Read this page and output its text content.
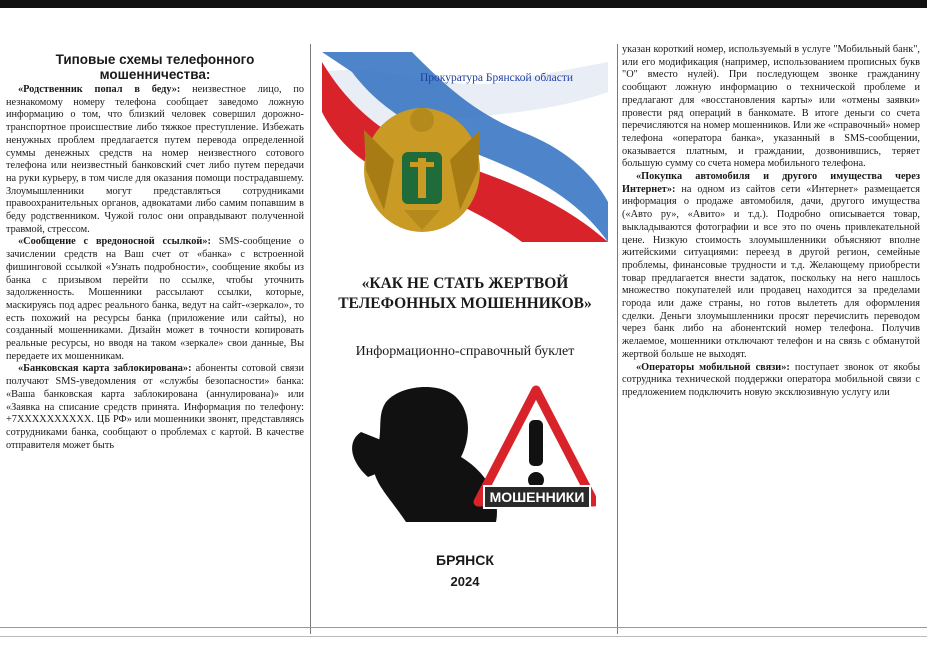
Типовые схемы телефонного мошенничества:

«Родственник попал в беду»: неизвестное лицо, по незнакомому номеру телефона сообщает заведомо ложную информацию о том, что близкий человек совершил дорожно-транспортное происшествие либо тяжкое преступление. Избежать ненужных проблем предлагается путем перевода определенной суммы денежных средств на номер неизвестного сотового телефона или неизвестный банковский счет либо путем передачи на руки курьеру, в том числе для оказания помощи пострадавшему. Злоумышленники могут представляться сотрудниками правоохранительных органов, адвокатами либо самим попавшим в беду родственником. Чужой голос они оправдывают полученной травмой, стрессом.

«Сообщение с вредоносной ссылкой»: SMS-сообщение о зачислении средств на Ваш счет от «банка» с встроенной фишинговой ссылкой «Узнать подробности», сообщение якобы из банка с призывом перейти по ссылке, чтобы уточнить задолженность. Мошенники рассылают ссылки, которые, маскируясь под адрес реального банка, ведут на сайт-«зеркало», то есть похожий на ресурсы банка (приложение или сайты), но созданный мошенниками. Дизайн может в точности копировать реальные ресурсы, но вводя на таком «зеркале» свои данные, Вы передаете их мошенникам.

«Банковская карта заблокирована»: абоненты сотовой связи получают SMS-уведомления от «службы безопасности» банка: «Ваша банковская карта заблокирована (аннулирована)» или «Заявка на списание средств принята. Информация по телефону: +7XXXXXXXXXX. ЦБ РФ» или мошенники звонят, представляясь сотрудниками банка, сообщают о проблемах с картой. В качестве отправителя может быть

Прокуратура Брянской области
«КАК НЕ СТАТЬ ЖЕРТВОЙ
ТЕЛЕФОННЫХ МОШЕННИКОВ»
Информационно-справочный буклет
МОШЕННИКИ
БРЯНСК
2024

указан короткий номер, используемый в услуге "Мобильный банк", или его модификация (например, использованием прописных букв "О" вместо нулей). При последующем звонке гражданину сообщают ложную информацию о технической проблеме и предлагают для «восстановления карты» или «отмены заявки» провести ряд операций в банкомате. В итоге деньги со счета перечисляются на номер мошенников. Или же «справочный» номер телефона «оператора банка», указанный в SMS-сообщении, оказывается платным, и граждании, дозвонившись, теряет большую сумму со счета номера мобильного телефона.

«Покупка автомобиля и другого имущества через Интернет»: на одном из сайтов сети «Интернет» размещается информация о продаже автомобиля, дачи, другого имущества («Авто ру», «Авито» и т.д.). Подробно описывается товар, выкладываются фотографии и все это по очень привлекательной цене. Низкую стоимость злоумышленники объясняют вполне житейскими ситуациями: переезд в другой регион, семейные проблемы, финансовые трудности и т.д. Желающему приобрести товар предлагается внести задаток, поскольку на него нашлось множество покупателей или продавец находится за пределами города или даже страны, но готов вылететь для оформления сделки. Деньги злоумышленники просят перечислить переводом через банк либо на абонентский номер телефона. Получив желаемое, мошенники отключают телефон и на связь с обманутой жертвой больше не выходят.

«Операторы мобильной связи»: поступает звонок от якобы сотрудника технической поддержки оператора мобильной связи с предложением подключить новую эксклюзивную услугу или
